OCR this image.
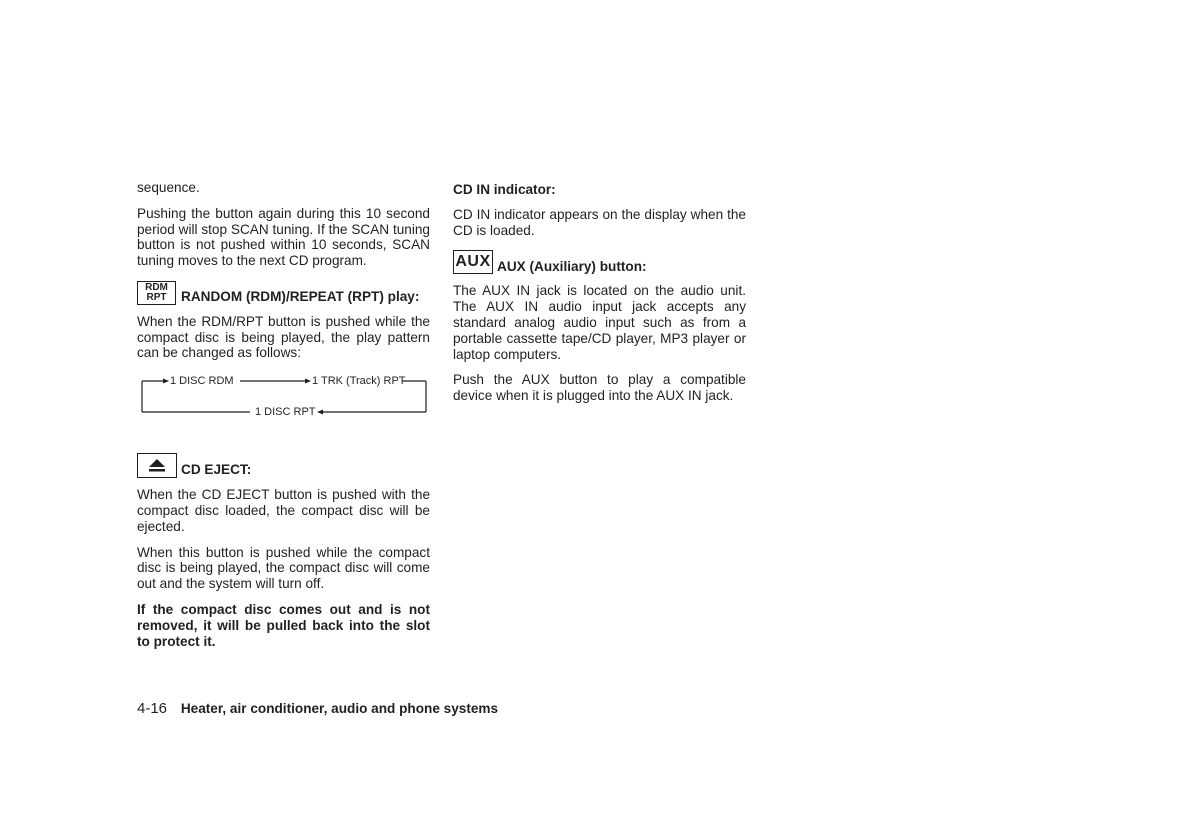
sequence.

Pushing the button again during this 10 second period will stop SCAN tuning. If the SCAN tuning button is not pushed within 10 seconds, SCAN tuning moves to the next CD program.

RDM
RPT	RANDOM (RDM)/REPEAT (RPT) play:

When the RDM/RPT button is pushed while the compact disc is being played, the play pattern can be changed as follows:

1 DISC RDM	1 TRK (Track) RPT
1 DISC RPT
CD EJECT:

When the CD EJECT button is pushed with the compact disc loaded, the compact disc will be ejected.

When this button is pushed while the compact disc is being played, the compact disc will come out and the system will turn off.

If the compact disc comes out and is not removed, it will be pulled back into the slot to protect it.

CD IN indicator:

CD IN indicator appears on the display when the CD is loaded.

AUX AUX (Auxiliary) button:

The AUX IN jack is located on the audio unit. The AUX IN audio input jack accepts any standard analog audio input such as from a portable cassette tape/CD player, MP3 player or laptop computers.

Push the AUX button to play a compatible device when it is plugged into the AUX IN jack.

4-16 Heater, air conditioner, audio and phone systems
